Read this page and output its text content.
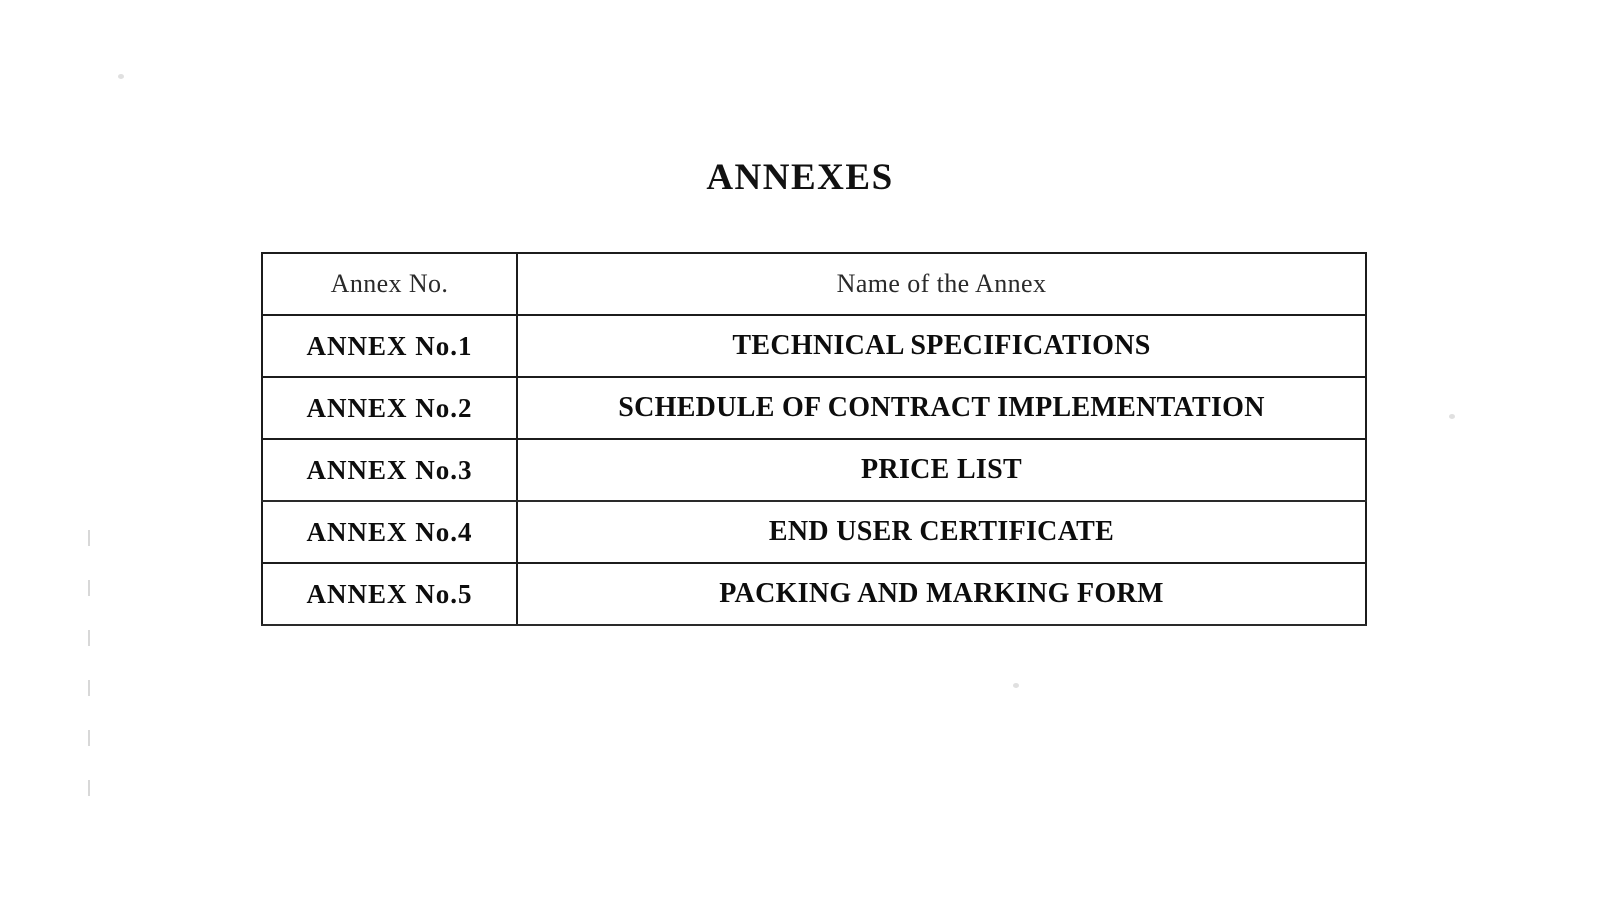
ANNEXES
Annex No.	Name of the Annex
ANNEX No.1	TECHNICAL SPECIFICATIONS
ANNEX No.2	SCHEDULE OF CONTRACT IMPLEMENTATION
ANNEX No.3	PRICE LIST
ANNEX No.4	END USER CERTIFICATE
ANNEX No.5	PACKING AND MARKING FORM
